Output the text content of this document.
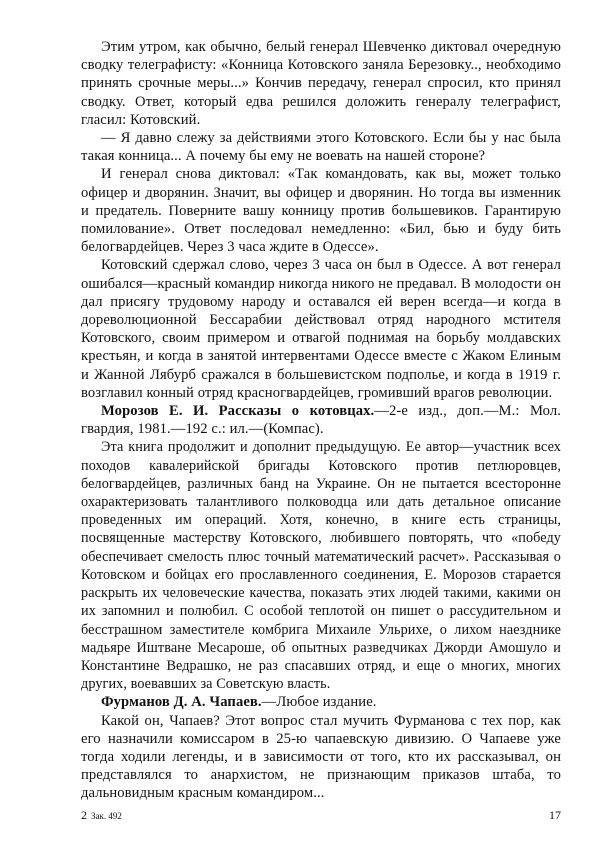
Этим утром, как обычно, белый генерал Шевченко диктовал очередную сводку телеграфисту: «Конница Котовского заняла Березовку.., необходимо принять срочные меры...» Кончив передачу, генерал спросил, кто принял сводку. Ответ, который едва решился доложить генералу телеграфист, гласил: Котовский.

— Я давно слежу за действиями этого Котовского. Если бы у нас была такая конница... А почему бы ему не воевать на нашей стороне?

И генерал снова диктовал: «Так командовать, как вы, может только офицер и дворянин. Значит, вы офицер и дворянин. Но тогда вы изменник и предатель. Поверните вашу конницу против большевиков. Гарантирую помилование». Ответ последовал немедленно: «Бил, бью и буду бить белогвардейцев. Через 3 часа ждите в Одессе».

Котовский сдержал слово, через 3 часа он был в Одессе. А вот генерал ошибался—красный командир никогда никого не предавал. В молодости он дал присягу трудовому народу и оставался ей верен всегда—и когда в дореволюционной Бессарабии действовал отряд народного мстителя Котовского, своим примером и отвагой поднимая на борьбу молдавских крестьян, и когда в занятой интервентами Одессе вместе с Жаком Елиным и Жанной Лябурб сражался в большевистском подполье, и когда в 1919 г. возглавил конный отряд красногвардейцев, громивший врагов революции.

Морозов Е. И. Рассказы о котовцах.—2-е изд., доп.—М.: Мол. гвардия, 1981.—192 с.: ил.—(Компас).

Эта книга продолжит и дополнит предыдущую. Ее автор—участник всех походов кавалерийской бригады Котовского против петлюровцев, белогвардейцев, различных банд на Украине. Он не пытается всесторонне охарактеризовать талантливого полководца или дать детальное описание проведенных им операций. Хотя, конечно, в книге есть страницы, посвященные мастерству Котовского, любившего повторять, что «победу обеспечивает смелость плюс точный математический расчет». Рассказывая о Котовском и бойцах его прославленного соединения, Е. Морозов старается раскрыть их человеческие качества, показать этих людей такими, какими он их запомнил и полюбил. С особой теплотой он пишет о рассудительном и бесстрашном заместителе комбрига Михаиле Ульрихе, о лихом наезднике мадьяре Иштване Месароше, об опытных разведчиках Джорди Амошуло и Константине Ведрашко, не раз спасавших отряд, и еще о многих, многих других, воевавших за Советскую власть.

Фурманов Д. А. Чапаев.—Любое издание.

Какой он, Чапаев? Этот вопрос стал мучить Фурманова с тех пор, как его назначили комиссаром в 25-ю чапаевскую дивизию. О Чапаеве уже тогда ходили легенды, и в зависимости от того, кто их рассказывал, он представлялся то анархистом, не признающим приказов штаба, то дальновидным красным командиром...

2 Зак. 492	17
